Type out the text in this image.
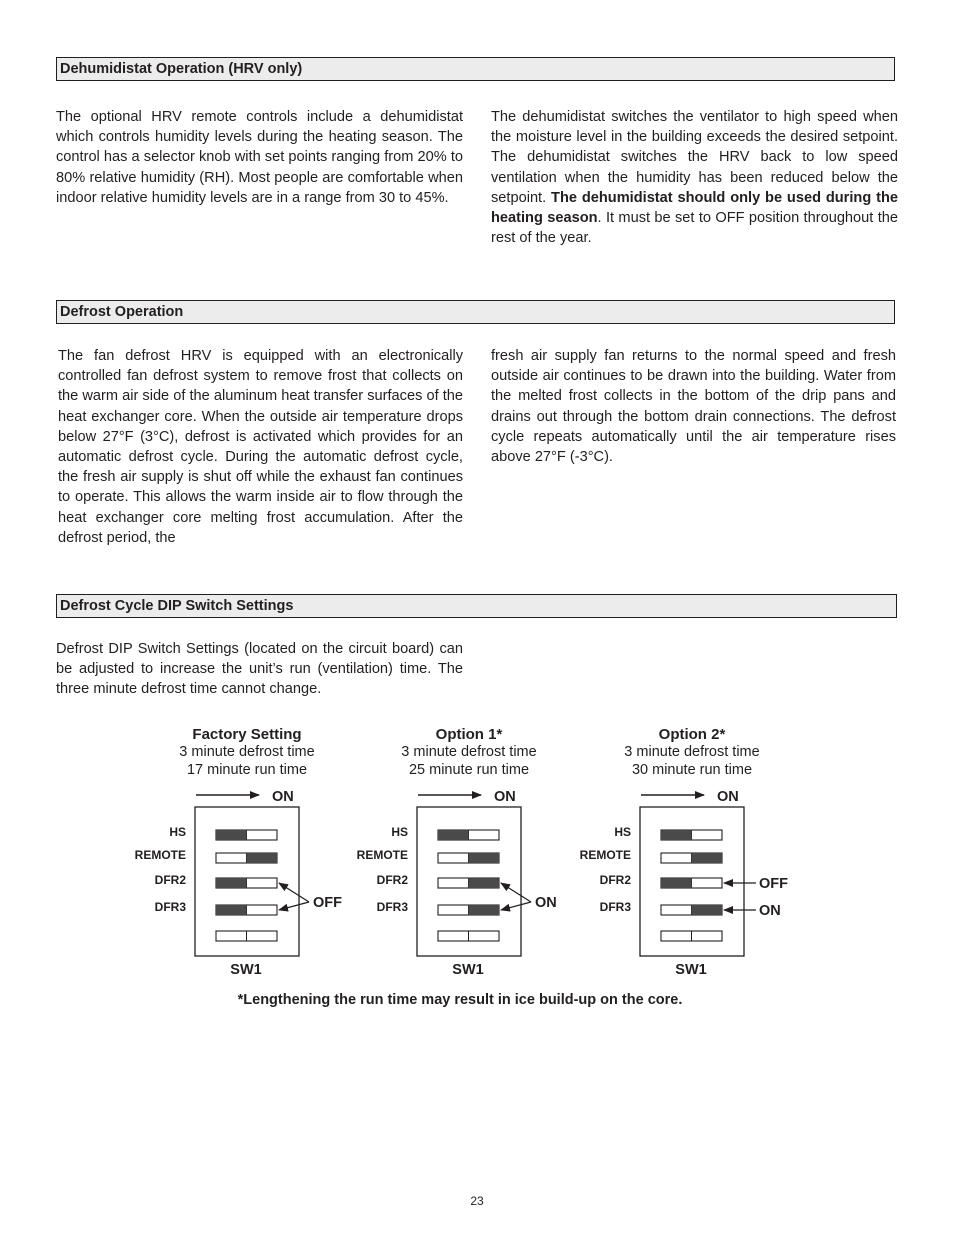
Dehumidistat Operation (HRV only)

The optional HRV remote controls include a dehumidistat which controls humidity levels during the heating season. The control has a selector knob with set points ranging from 20% to 80% relative humidity (RH). Most people are comfortable when indoor relative humidity levels are in a range from 30 to 45%.

The dehumidistat switches the ventilator to high speed when the moisture level in the building exceeds the desired setpoint. The dehumidistat switches the HRV back to low speed ventilation when the humidity has been reduced below the setpoint. The dehumidistat should only be used during the heating season. It must be set to OFF position throughout the rest of the year.

Defrost Operation

The fan defrost HRV is equipped with an electronically controlled fan defrost system to remove frost that collects on the warm air side of the aluminum heat transfer surfaces of the heat exchanger core. When the outside air temperature drops below 27°F (3°C), defrost is activated which provides for an automatic defrost cycle. During the automatic defrost cycle, the fresh air supply is shut off while the exhaust fan continues to operate. This allows the warm inside air to flow through the heat exchanger core melting frost accumulation. After the defrost period, the

fresh air supply fan returns to the normal speed and fresh outside air continues to be drawn into the building. Water from the melted frost collects in the bottom of the drip pans and drains out through the bottom drain connections. The defrost cycle repeats automatically until the air temperature rises above 27°F (-3°C).

Defrost Cycle DIP Switch Settings

Defrost DIP Switch Settings (located on the circuit board) can be adjusted to increase the unit’s run (ventilation) time. The three minute defrost time cannot change.

Factory Setting
3 minute defrost time
17 minute run time
ON
HS
REMOTE
DFR2
DFR3
SW1
OFF
Option 1*
3 minute defrost time
25 minute run time
ON
HS
REMOTE
DFR2
DFR3
SW1
ON
Option 2*
3 minute defrost time
30 minute run time
ON
HS
REMOTE
DFR2
DFR3
SW1
OFF
ON
*Lengthening the run time may result in ice build-up on the core.
23
